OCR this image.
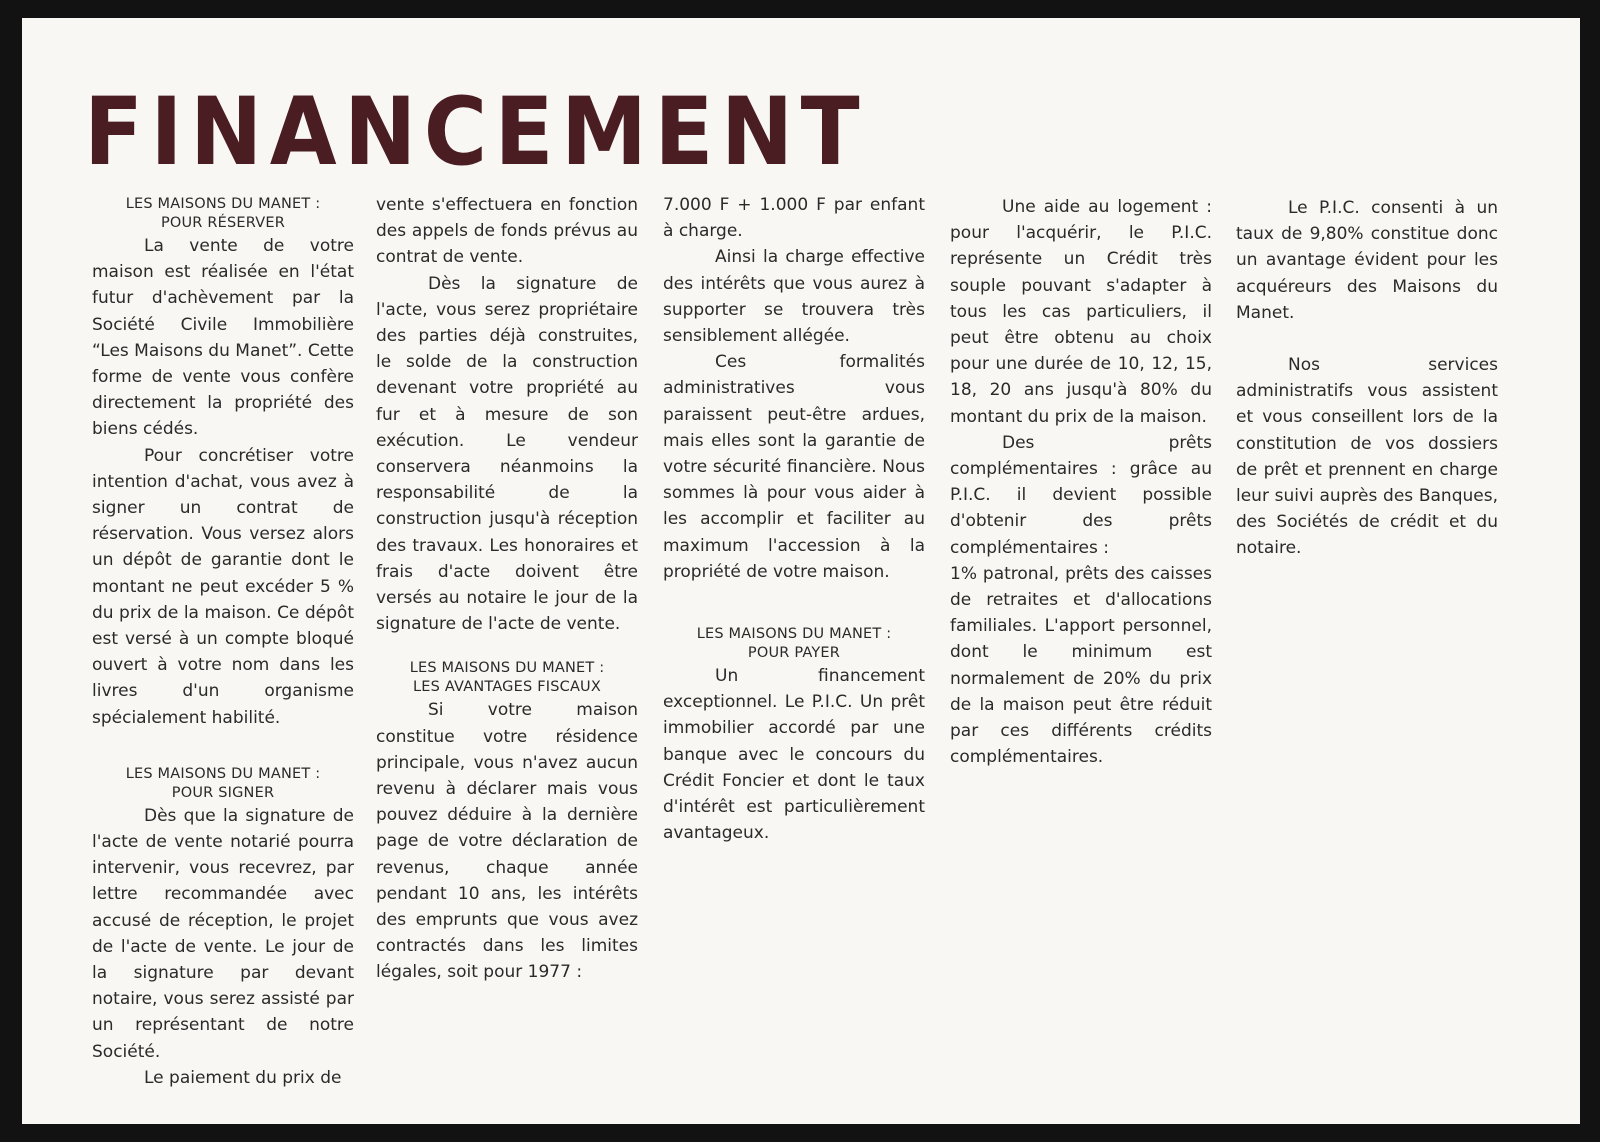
FINANCEMENT
LES MAISONS DU MANET :
POUR RÉSERVER

La vente de votre maison est réalisée en l'état futur d'achèvement par la Société Civile Immobilière “Les Maisons du Manet”. Cette forme de vente vous confère directement la propriété des biens cédés.

Pour concrétiser votre intention d'achat, vous avez à signer un contrat de réservation. Vous versez alors un dépôt de garantie dont le montant ne peut excéder 5 % du prix de la maison. Ce dépôt est versé à un compte bloqué ouvert à votre nom dans les livres d'un organisme spécialement habilité.

LES MAISONS DU MANET :
POUR SIGNER

Dès que la signature de l'acte de vente notarié pourra intervenir, vous recevrez, par lettre recommandée avec accusé de réception, le projet de l'acte de vente. Le jour de la signature par devant notaire, vous serez assisté par un représentant de notre Société.

Le paiement du prix de

vente s'effectuera en fonction des appels de fonds prévus au contrat de vente.

Dès la signature de l'acte, vous serez propriétaire des parties déjà construites, le solde de la construction devenant votre propriété au fur et à mesure de son exécution. Le vendeur conservera néanmoins la responsabilité de la construction jusqu'à réception des travaux. Les honoraires et frais d'acte doivent être versés au notaire le jour de la signature de l'acte de vente.

LES MAISONS DU MANET :
LES AVANTAGES FISCAUX

Si votre maison constitue votre résidence principale, vous n'avez aucun revenu à déclarer mais vous pouvez déduire à la dernière page de votre déclaration de revenus, chaque année pendant 10 ans, les intérêts des emprunts que vous avez contractés dans les limites légales, soit pour 1977 :

7.000 F + 1.000 F par enfant à charge.

Ainsi la charge effective des intérêts que vous aurez à supporter se trouvera très sensiblement allégée.

Ces formalités administratives vous paraissent peut-être ardues, mais elles sont la garantie de votre sécurité financière. Nous sommes là pour vous aider à les accomplir et faciliter au maximum l'accession à la propriété de votre maison.

LES MAISONS DU MANET :
POUR PAYER

Un financement exceptionnel. Le P.I.C. Un prêt immobilier accordé par une banque avec le concours du Crédit Foncier et dont le taux d'intérêt est particulièrement avantageux.

Une aide au logement : pour l'acquérir, le P.I.C. représente un Crédit très souple pouvant s'adapter à tous les cas particuliers, il peut être obtenu au choix pour une durée de 10, 12, 15, 18, 20 ans jusqu'à 80% du montant du prix de la maison.

Des prêts complémentaires : grâce au P.I.C. il devient possible d'obtenir des prêts complémentaires :

1% patronal, prêts des caisses de retraites et d'allocations familiales. L'apport personnel, dont le minimum est normalement de 20% du prix de la maison peut être réduit par ces différents crédits complémentaires.

Le P.I.C. consenti à un taux de 9,80% constitue donc un avantage évident pour les acquéreurs des Maisons du Manet.

Nos services administratifs vous assistent et vous conseillent lors de la constitution de vos dossiers de prêt et prennent en charge leur suivi auprès des Banques, des Sociétés de crédit et du notaire.
